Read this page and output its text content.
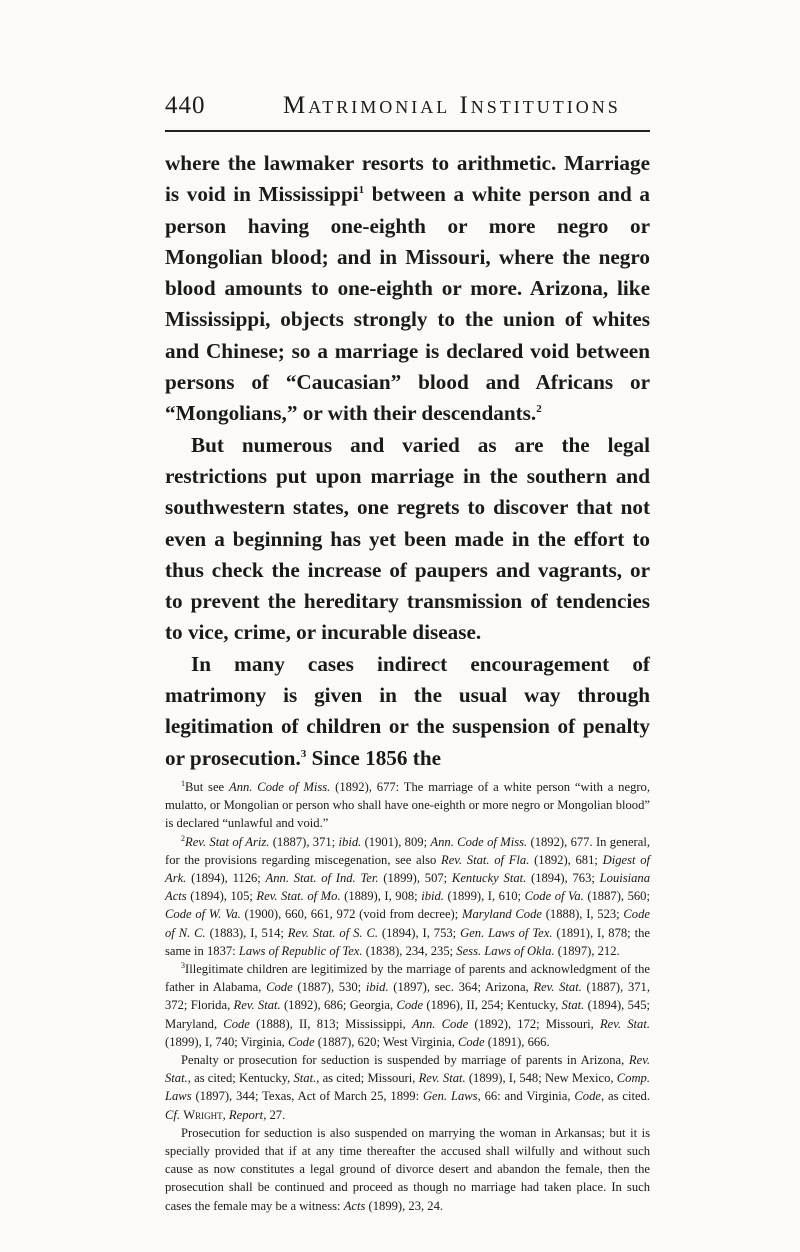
440	Matrimonial Institutions

where the lawmaker resorts to arithmetic. Marriage is void in Mississippi$^1$ between a white person and a person having one-eighth or more negro or Mongolian blood; and in Missouri, where the negro blood amounts to one-eighth or more. Arizona, like Mississippi, objects strongly to the union of whites and Chinese; so a marriage is declared void between persons of “Caucasian” blood and Africans or “Mongolians,” or with their descendants.$^2$

But numerous and varied as are the legal restrictions put upon marriage in the southern and southwestern states, one regrets to discover that not even a beginning has yet been made in the effort to thus check the increase of paupers and vagrants, or to prevent the hereditary transmission of tendencies to vice, crime, or incurable disease.

In many cases indirect encouragement of matrimony is given in the usual way through legitimation of children or the suspension of penalty or prosecution.$^3$ Since 1856 the

$^1$But see Ann. Code of Miss. (1892), 677: The marriage of a white person “with a negro, mulatto, or Mongolian or person who shall have one-eighth or more negro or Mongolian blood” is declared “unlawful and void.”

$^2$Rev. Stat of Ariz. (1887), 371; ibid. (1901), 809; Ann. Code of Miss. (1892), 677. In general, for the provisions regarding miscegenation, see also Rev. Stat. of Fla. (1892), 681; Digest of Ark. (1894), 1126; Ann. Stat. of Ind. Ter. (1899), 507; Kentucky Stat. (1894), 763; Louisiana Acts (1894), 105; Rev. Stat. of Mo. (1889), I, 908; ibid. (1899), I, 610; Code of Va. (1887), 560; Code of W. Va. (1900), 660, 661, 972 (void from decree); Maryland Code (1888), I, 523; Code of N. C. (1883), I, 514; Rev. Stat. of S. C. (1894), I, 753; Gen. Laws of Tex. (1891), I, 878; the same in 1837: Laws of Republic of Tex. (1838), 234, 235; Sess. Laws of Okla. (1897), 212.

$^3$Illegitimate children are legitimized by the marriage of parents and acknowledgment of the father in Alabama, Code (1887), 530; ibid. (1897), sec. 364; Arizona, Rev. Stat. (1887), 371, 372; Florida, Rev. Stat. (1892), 686; Georgia, Code (1896), II, 254; Kentucky, Stat. (1894), 545; Maryland, Code (1888), II, 813; Mississippi, Ann. Code (1892), 172; Missouri, Rev. Stat. (1899), I, 740; Virginia, Code (1887), 620; West Virginia, Code (1891), 666.

Penalty or prosecution for seduction is suspended by marriage of parents in Arizona, Rev. Stat., as cited; Kentucky, Stat., as cited; Missouri, Rev. Stat. (1899), I, 548; New Mexico, Comp. Laws (1897), 344; Texas, Act of March 25, 1899: Gen. Laws, 66: and Virginia, Code, as cited. Cf. Wright, Report, 27.

Prosecution for seduction is also suspended on marrying the woman in Arkansas; but it is specially provided that if at any time thereafter the accused shall wilfully and without such cause as now constitutes a legal ground of divorce desert and abandon the female, then the prosecution shall be continued and proceed as though no marriage had taken place. In such cases the female may be a witness: Acts (1899), 23, 24.
